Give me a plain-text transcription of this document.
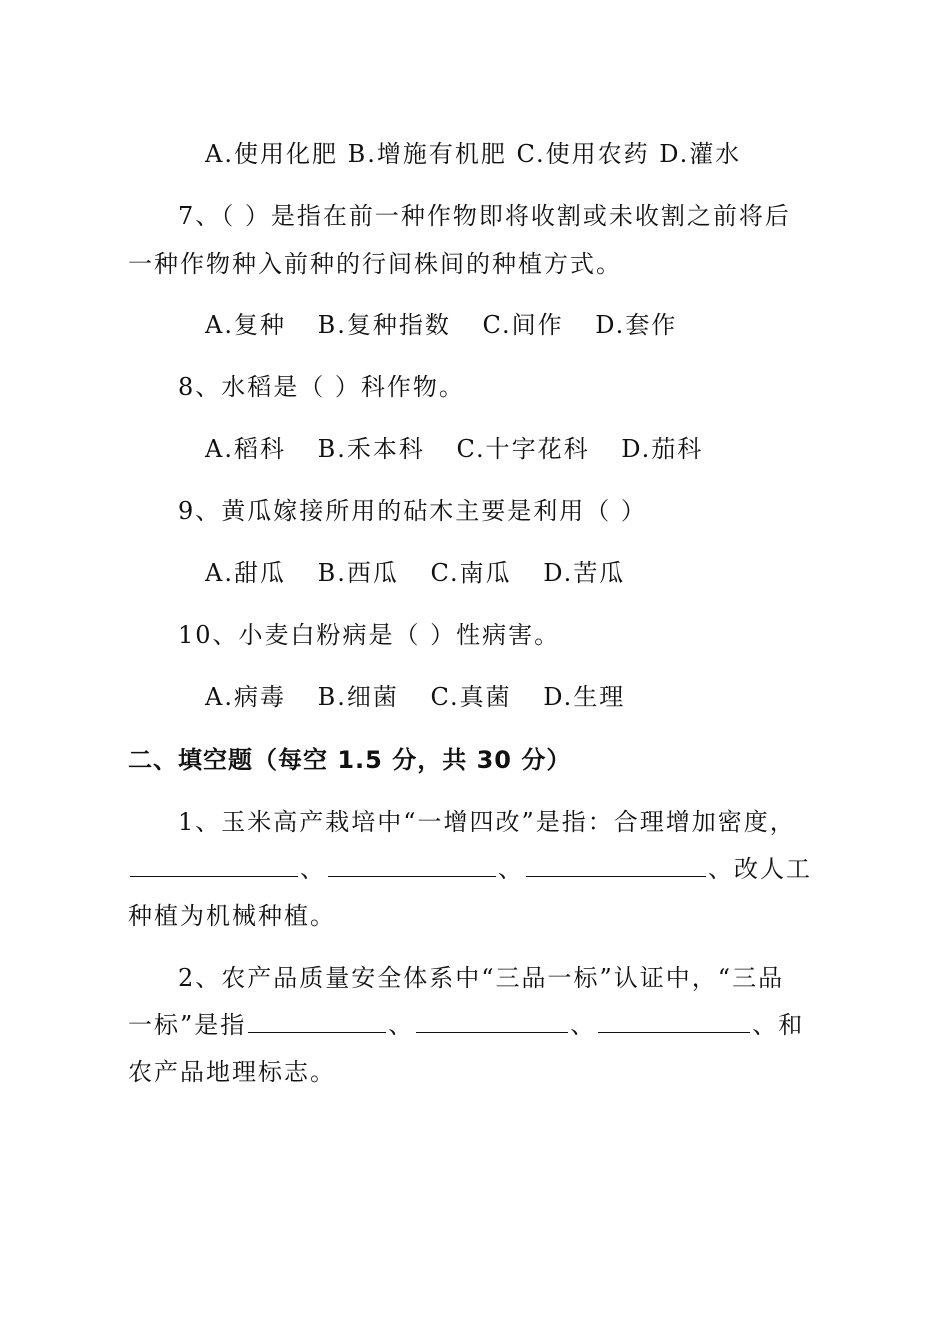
A.使用化肥 B.增施有机肥 C.使用农药 D.灌水
7、（ ）是指在前一种作物即将收割或未收割之前将后
一种作物种入前种的行间株间的种植方式。
A.复种 B.复种指数 C.间作 D.套作
8、水稻是（ ）科作物。
A.稻科 B.禾本科 C.十字花科 D.茄科
9、黄瓜嫁接所用的砧木主要是利用（ ）
A.甜瓜 B.西瓜 C.南瓜 D.苦瓜
10、小麦白粉病是（ ）性病害。
A.病毒 B.细菌 C.真菌 D.生理
二、填空题（每空 1.5 分，共 30 分）
1、玉米高产栽培中“一增四改”是指：合理增加密度，
、	、	、改人工
种植为机械种植。
2、农产品质量安全体系中“三品一标”认证中，“三品
一标”是指	、	、	、和
农产品地理标志。
